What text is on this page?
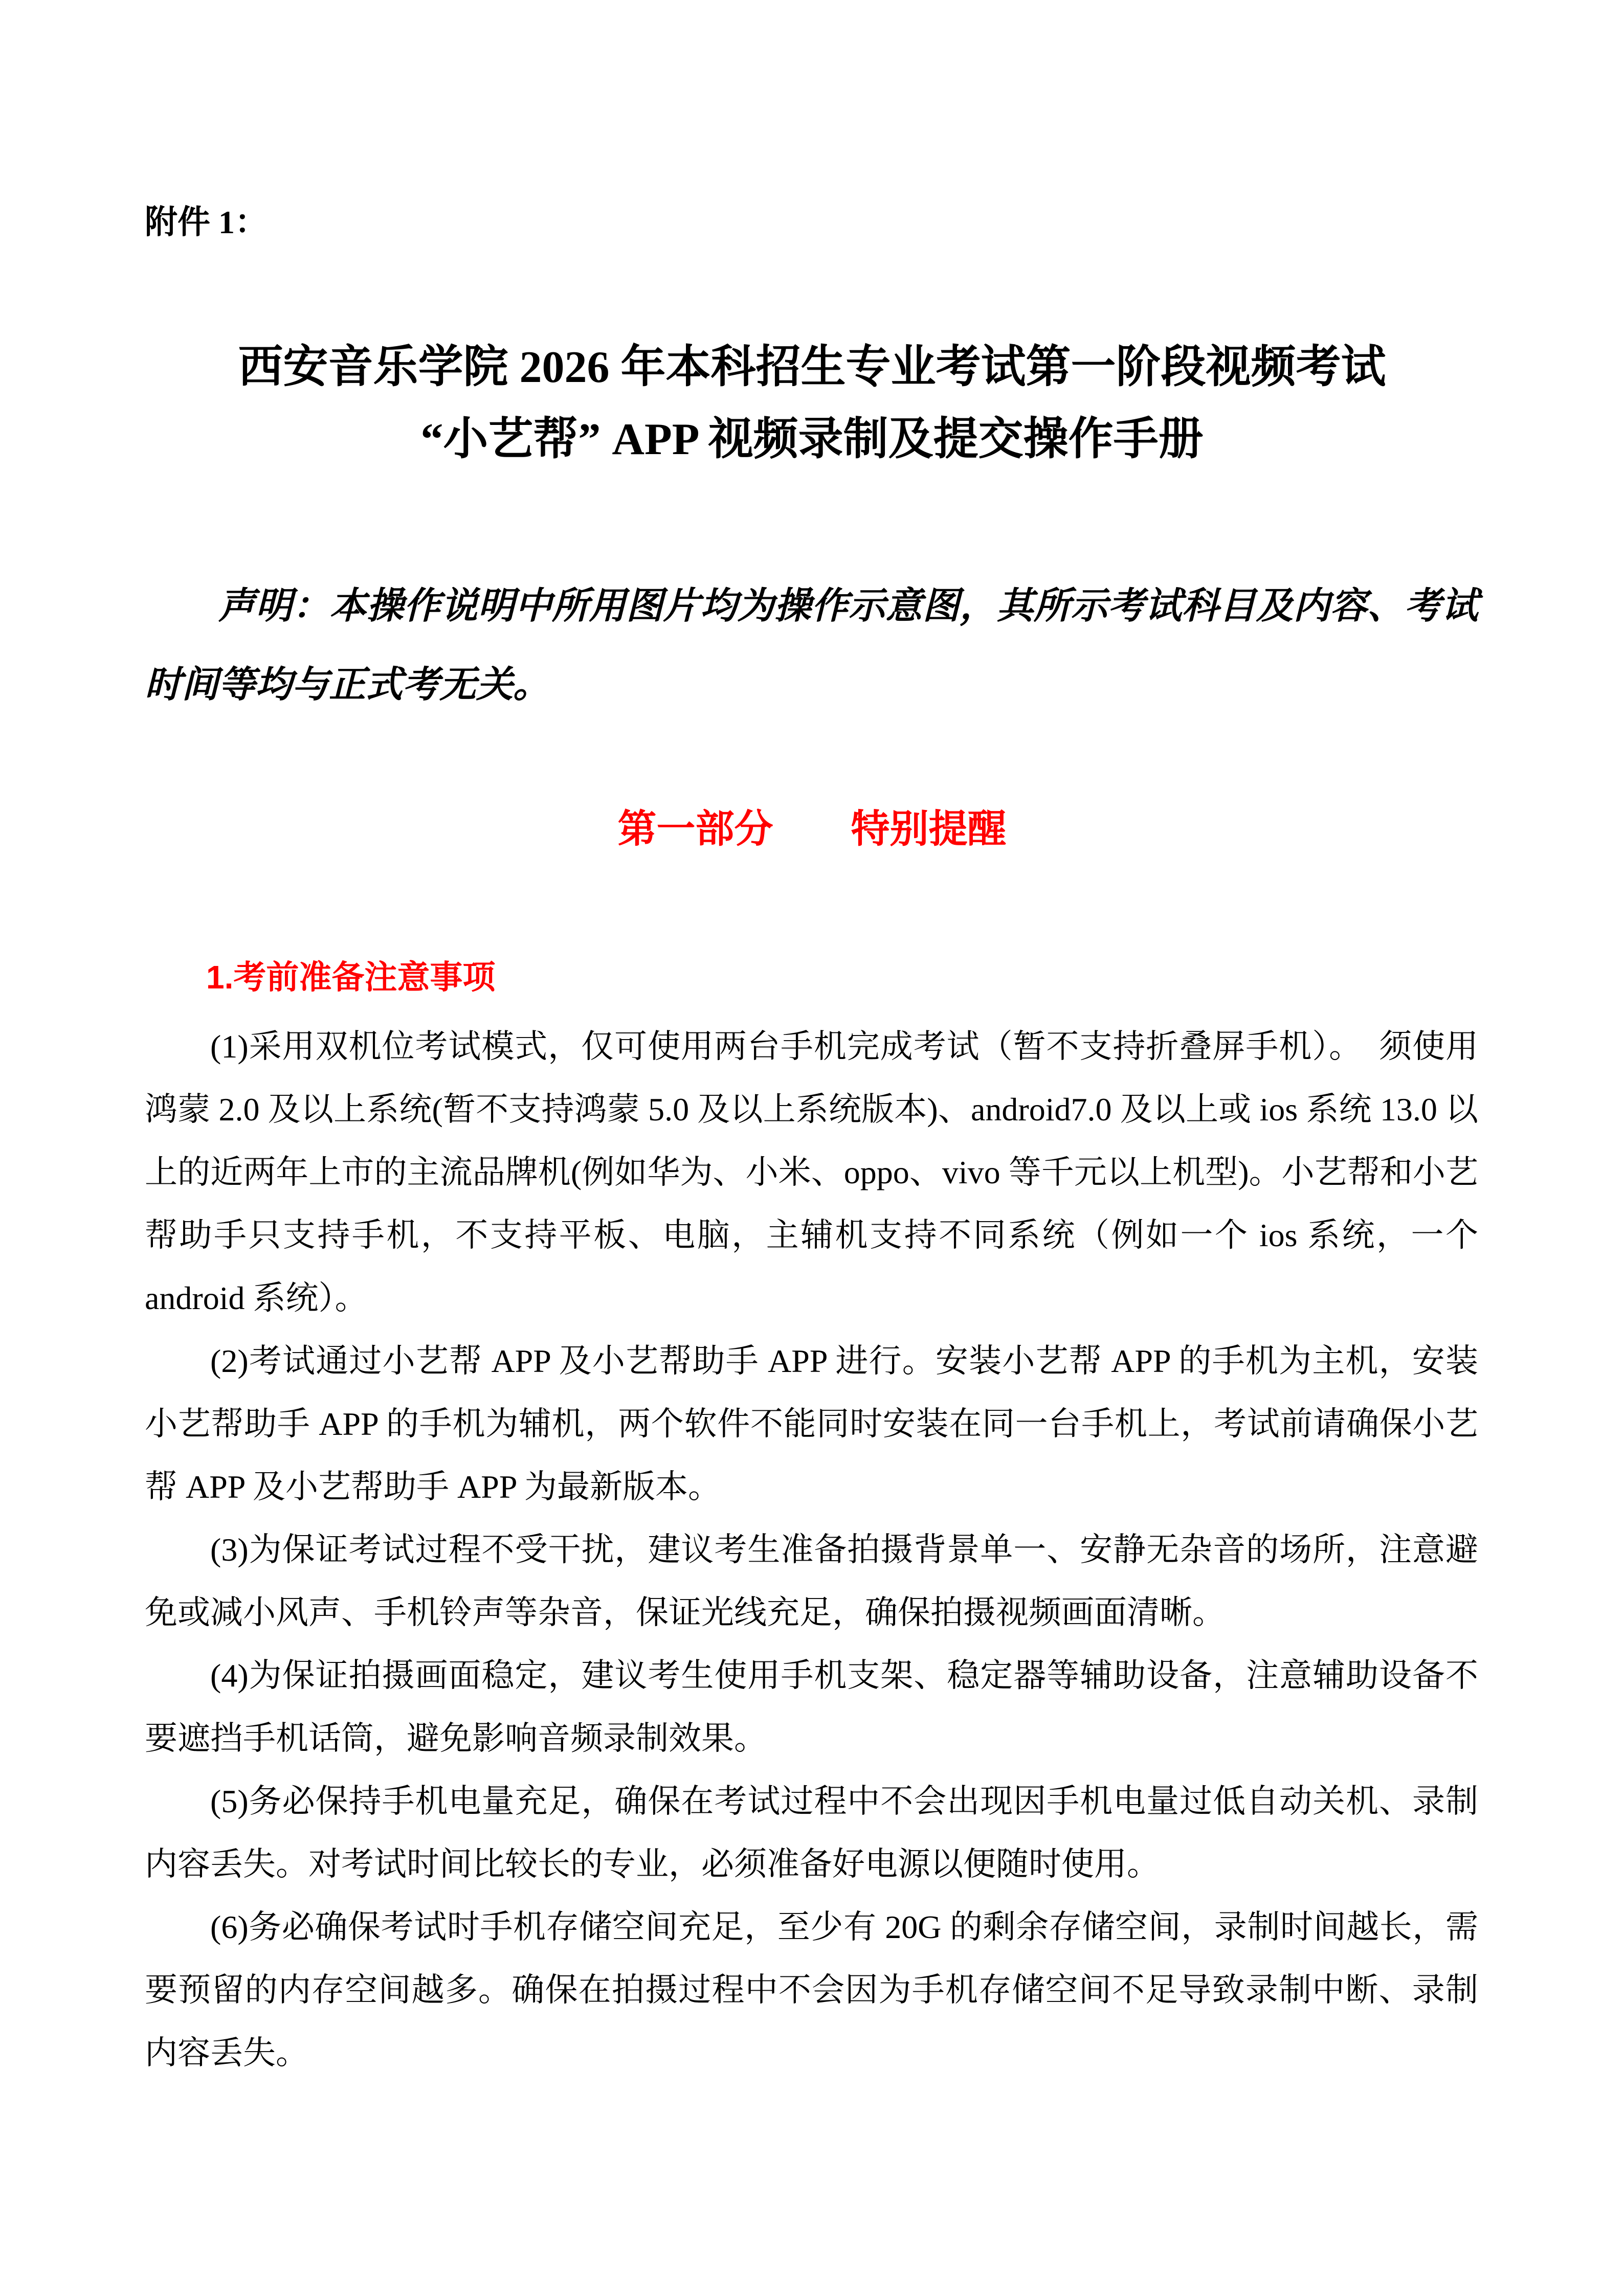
附件 1：
西安音乐学院 2026 年本科招生专业考试第一阶段视频考试
“小艺帮” APP 视频录制及提交操作手册

声明：本操作说明中所用图片均为操作示意图，其所示考试科目及内容、考试时间等均与正式考无关。

第一部分　　特别提醒
1.考前准备注意事项

(1)采用双机位考试模式，仅可使用两台手机完成考试（暂不支持折叠屏手机）。　须使用鸿蒙 2.0 及以上系统(暂不支持鸿蒙 5.0 及以上系统版本)、android7.0 及以上或 ios 系统 13.0 以上的近两年上市的主流品牌机(例如华为、小米、oppo、vivo 等千元以上机型)。小艺帮和小艺帮助手只支持手机，不支持平板、电脑，主辅机支持不同系统（例如一个 ios 系统，一个 android 系统）。

(2)考试通过小艺帮 APP 及小艺帮助手 APP 进行。安装小艺帮 APP 的手机为主机，安装小艺帮助手 APP 的手机为辅机，两个软件不能同时安装在同一台手机上，考试前请确保小艺帮 APP 及小艺帮助手 APP 为最新版本。

(3)为保证考试过程不受干扰，建议考生准备拍摄背景单一、安静无杂音的场所，注意避免或减小风声、手机铃声等杂音，保证光线充足，确保拍摄视频画面清晰。

(4)为保证拍摄画面稳定，建议考生使用手机支架、稳定器等辅助设备，注意辅助设备不要遮挡手机话筒，避免影响音频录制效果。

(5)务必保持手机电量充足，确保在考试过程中不会出现因手机电量过低自动关机、录制内容丢失。对考试时间比较长的专业，必须准备好电源以便随时使用。

(6)务必确保考试时手机存储空间充足，至少有 20G 的剩余存储空间，录制时间越长，需要预留的内存空间越多。确保在拍摄过程中不会因为手机存储空间不足导致录制中断、录制内容丢失。
